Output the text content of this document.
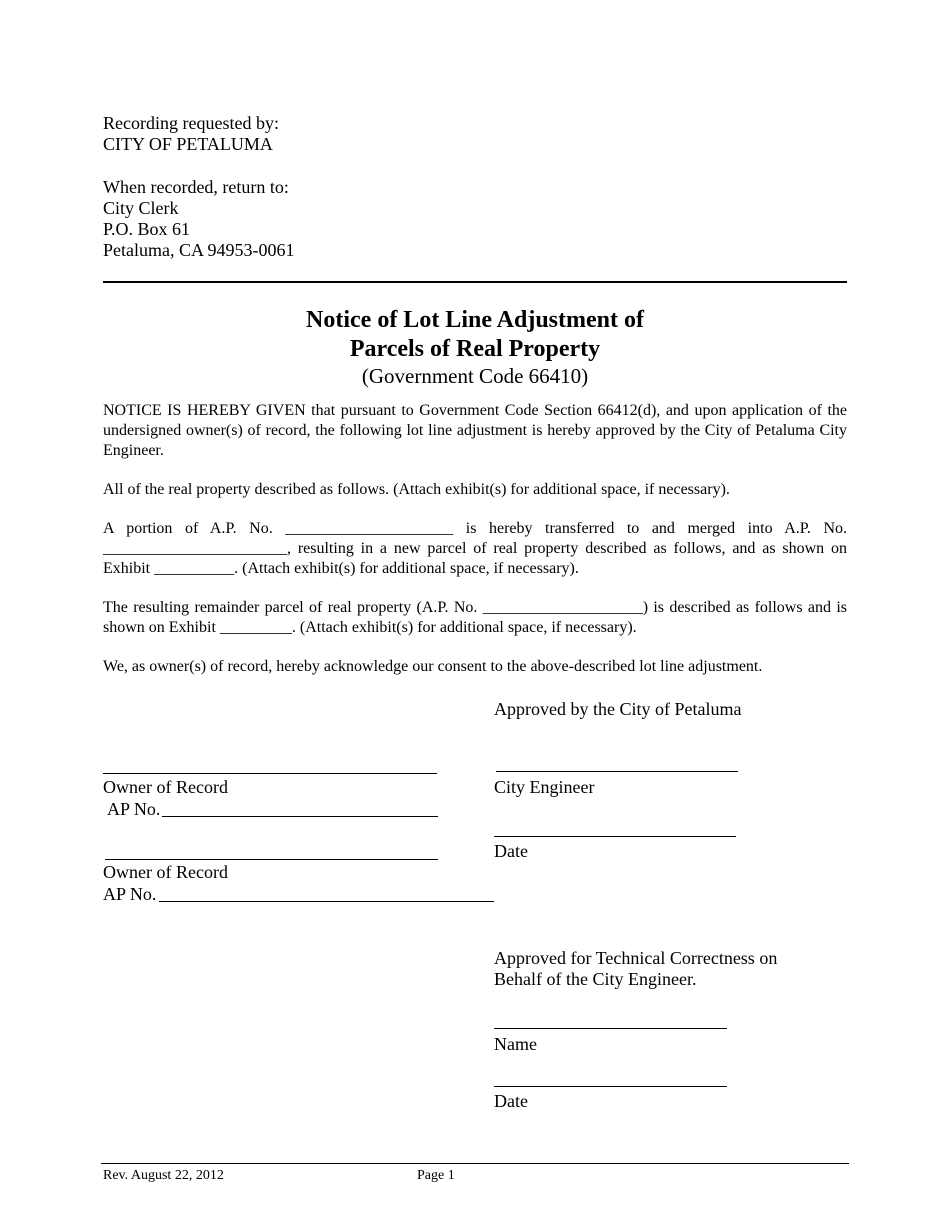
Recording requested by:
CITY OF PETALUMA
When recorded, return to:
City Clerk
P.O. Box 61
Petaluma, CA 94953-0061
Notice of Lot Line Adjustment of
Parcels of Real Property
(Government Code 66410)
NOTICE IS HEREBY GIVEN that pursuant to Government Code Section 66412(d), and upon application of the undersigned owner(s) of record, the following lot line adjustment is hereby approved by the City of Petaluma City Engineer.
All of the real property described as follows. (Attach exhibit(s) for additional space, if necessary).
A portion of A.P. No. _____________________ is hereby transferred to and merged into A.P. No. _______________________, resulting in a new parcel of real property described as follows, and as shown on Exhibit __________. (Attach exhibit(s) for additional space, if necessary).
The resulting remainder parcel of real property (A.P. No. ____________________) is described as follows and is shown on Exhibit _________. (Attach exhibit(s) for additional space, if necessary).
We, as owner(s) of record, hereby acknowledge our consent to the above-described lot line adjustment.
Approved by the City of Petaluma
City Engineer
Date
Approved for Technical Correctness on
Behalf of the City Engineer.
Name
Date
Owner of Record
AP No.
Owner of Record
AP No.
Rev. August 22, 2012	Page 1
